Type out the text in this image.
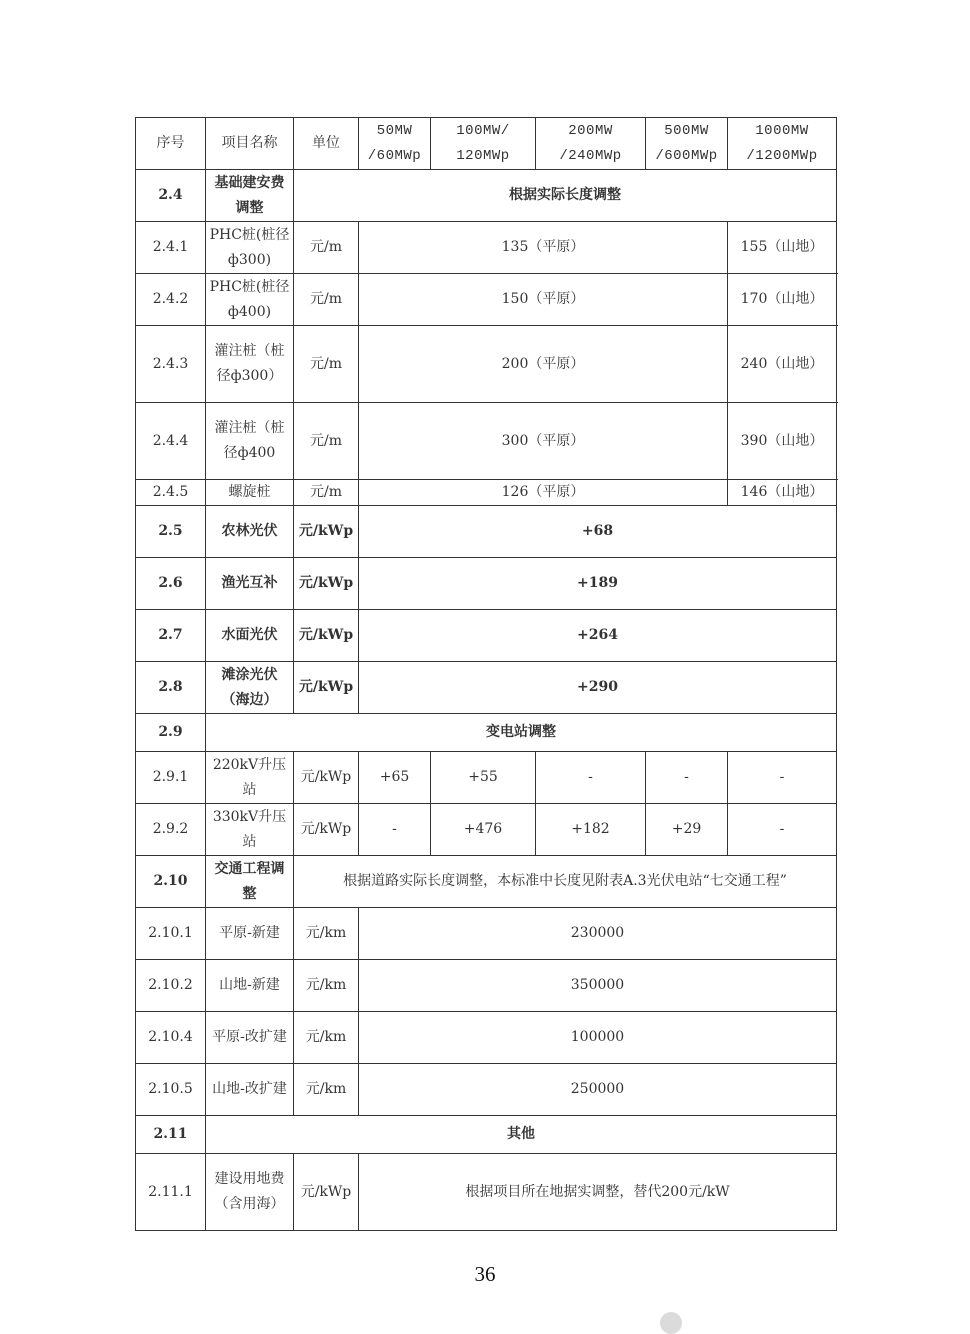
序号	项目名称	单位	50MW /60MWp	100MW/ 120MWp	200MW /240MWp	500MW /600MWp	1000MW /1200MWp
2.4	基础建安费调整	根据实际长度调整					
2.4.1	PHC桩(桩径ф300)	元/m	135（平原）				155（山地）
2.4.2	PHC桩(桩径ф400)	元/m	150（平原）				170（山地）
2.4.3	灌注桩（桩径ф300）	元/m	200（平原）				240（山地）
2.4.4	灌注桩（桩径ф400	元/m	300（平原）				390（山地）
2.4.5	螺旋桩	元/m	126（平原）				146（山地）
2.5	农林光伏	元/kWp	+68				
2.6	渔光互补	元/kWp	+189				
2.7	水面光伏	元/kWp	+264				
2.8	滩涂光伏（海边）	元/kWp	+290				
2.9	变电站调整						
2.9.1	220kV升压站	元/kWp	+65	+55	-	-	-
2.9.2	330kV升压站	元/kWp	-	+476	+182	+29	-
2.10	交通工程调整	根据道路实际长度调整，本标准中长度见附表A.3光伏电站“七交通工程”					
2.10.1	平原-新建	元/km	230000				
2.10.2	山地-新建	元/km	350000				
2.10.4	平原-改扩建	元/km	100000				
2.10.5	山地-改扩建	元/km	250000				
2.11	其他						
2.11.1	建设用地费（含用海）	元/kWp	根据项目所在地据实调整，替代200元/kW				
36
